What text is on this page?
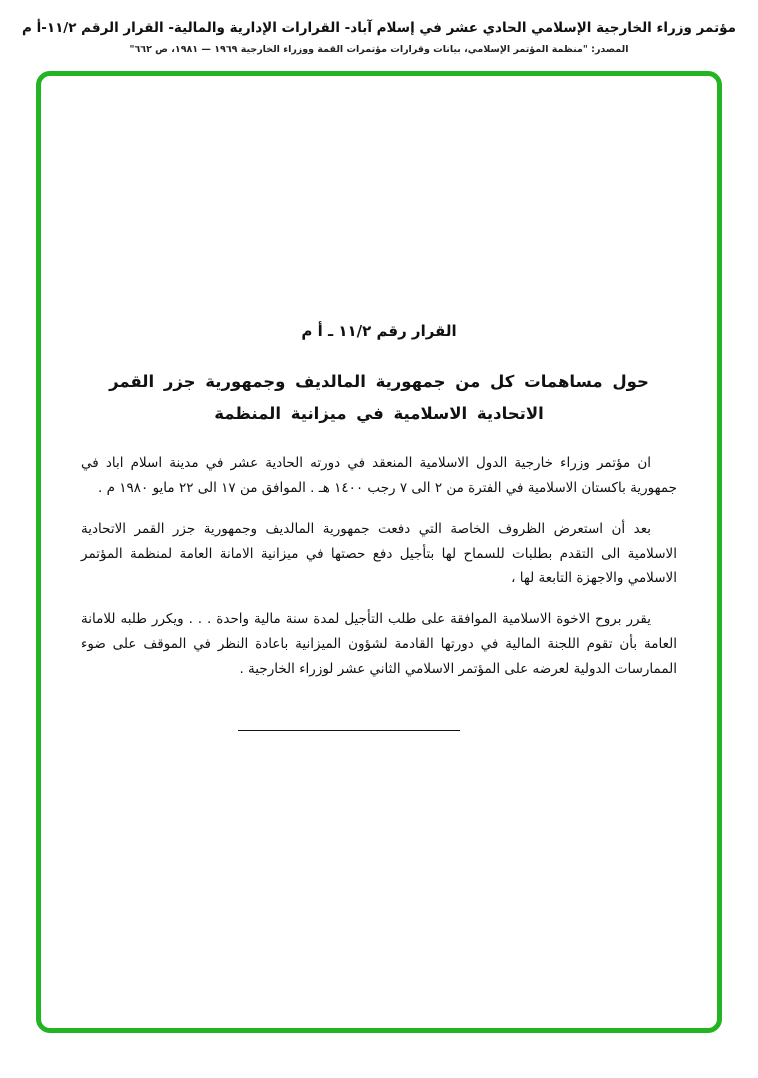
مؤتمر وزراء الخارجية الإسلامي الحادي عشر في إسلام آباد- القرارات الإدارية والمالية- القرار الرقم ١١/٢-أ م
المصدر: "منظمة المؤتمر الإسلامي، بيانات وقرارات مؤتمرات القمة ووزراء الخارجية ١٩٦٩ — ١٩٨١، ص ٦٦٢"
القرار رقم ١١/٢ ـ أ م
حول مساهمات كل من جمهورية المالديف وجمهورية جزر القمر
الاتحادية الاسلامية في ميزانية المنظمة

ان مؤتمر وزراء خارجية الدول الاسلامية المنعقد في دورته الحادية عشر في مدينة اسلام اباد في جمهورية باكستان الاسلامية في الفترة من ٢ الى ٧ رجب ١٤٠٠ هـ . الموافق من ١٧ الى ٢٢ مايو ١٩٨٠ م .

بعد أن استعرض الظروف الخاصة التي دفعت جمهورية المالديف وجمهورية جزر القمر الاتحادية الاسلامية الى التقدم بطلبات للسماح لها بتأجيل دفع حصتها في ميزانية الامانة العامة لمنظمة المؤتمر الاسلامي والاجهزة التابعة لها ،

يقرر بروح الاخوة الاسلامية الموافقة على طلب التأجيل لمدة سنة مالية واحدة . . . ويكرر طلبه للامانة العامة بأن تقوم اللجنة المالية في دورتها القادمة لشؤون الميزانية باعادة النظر في الموقف على ضوء الممارسات الدولية لعرضه على المؤتمر الاسلامي الثاني عشر لوزراء الخارجية .
